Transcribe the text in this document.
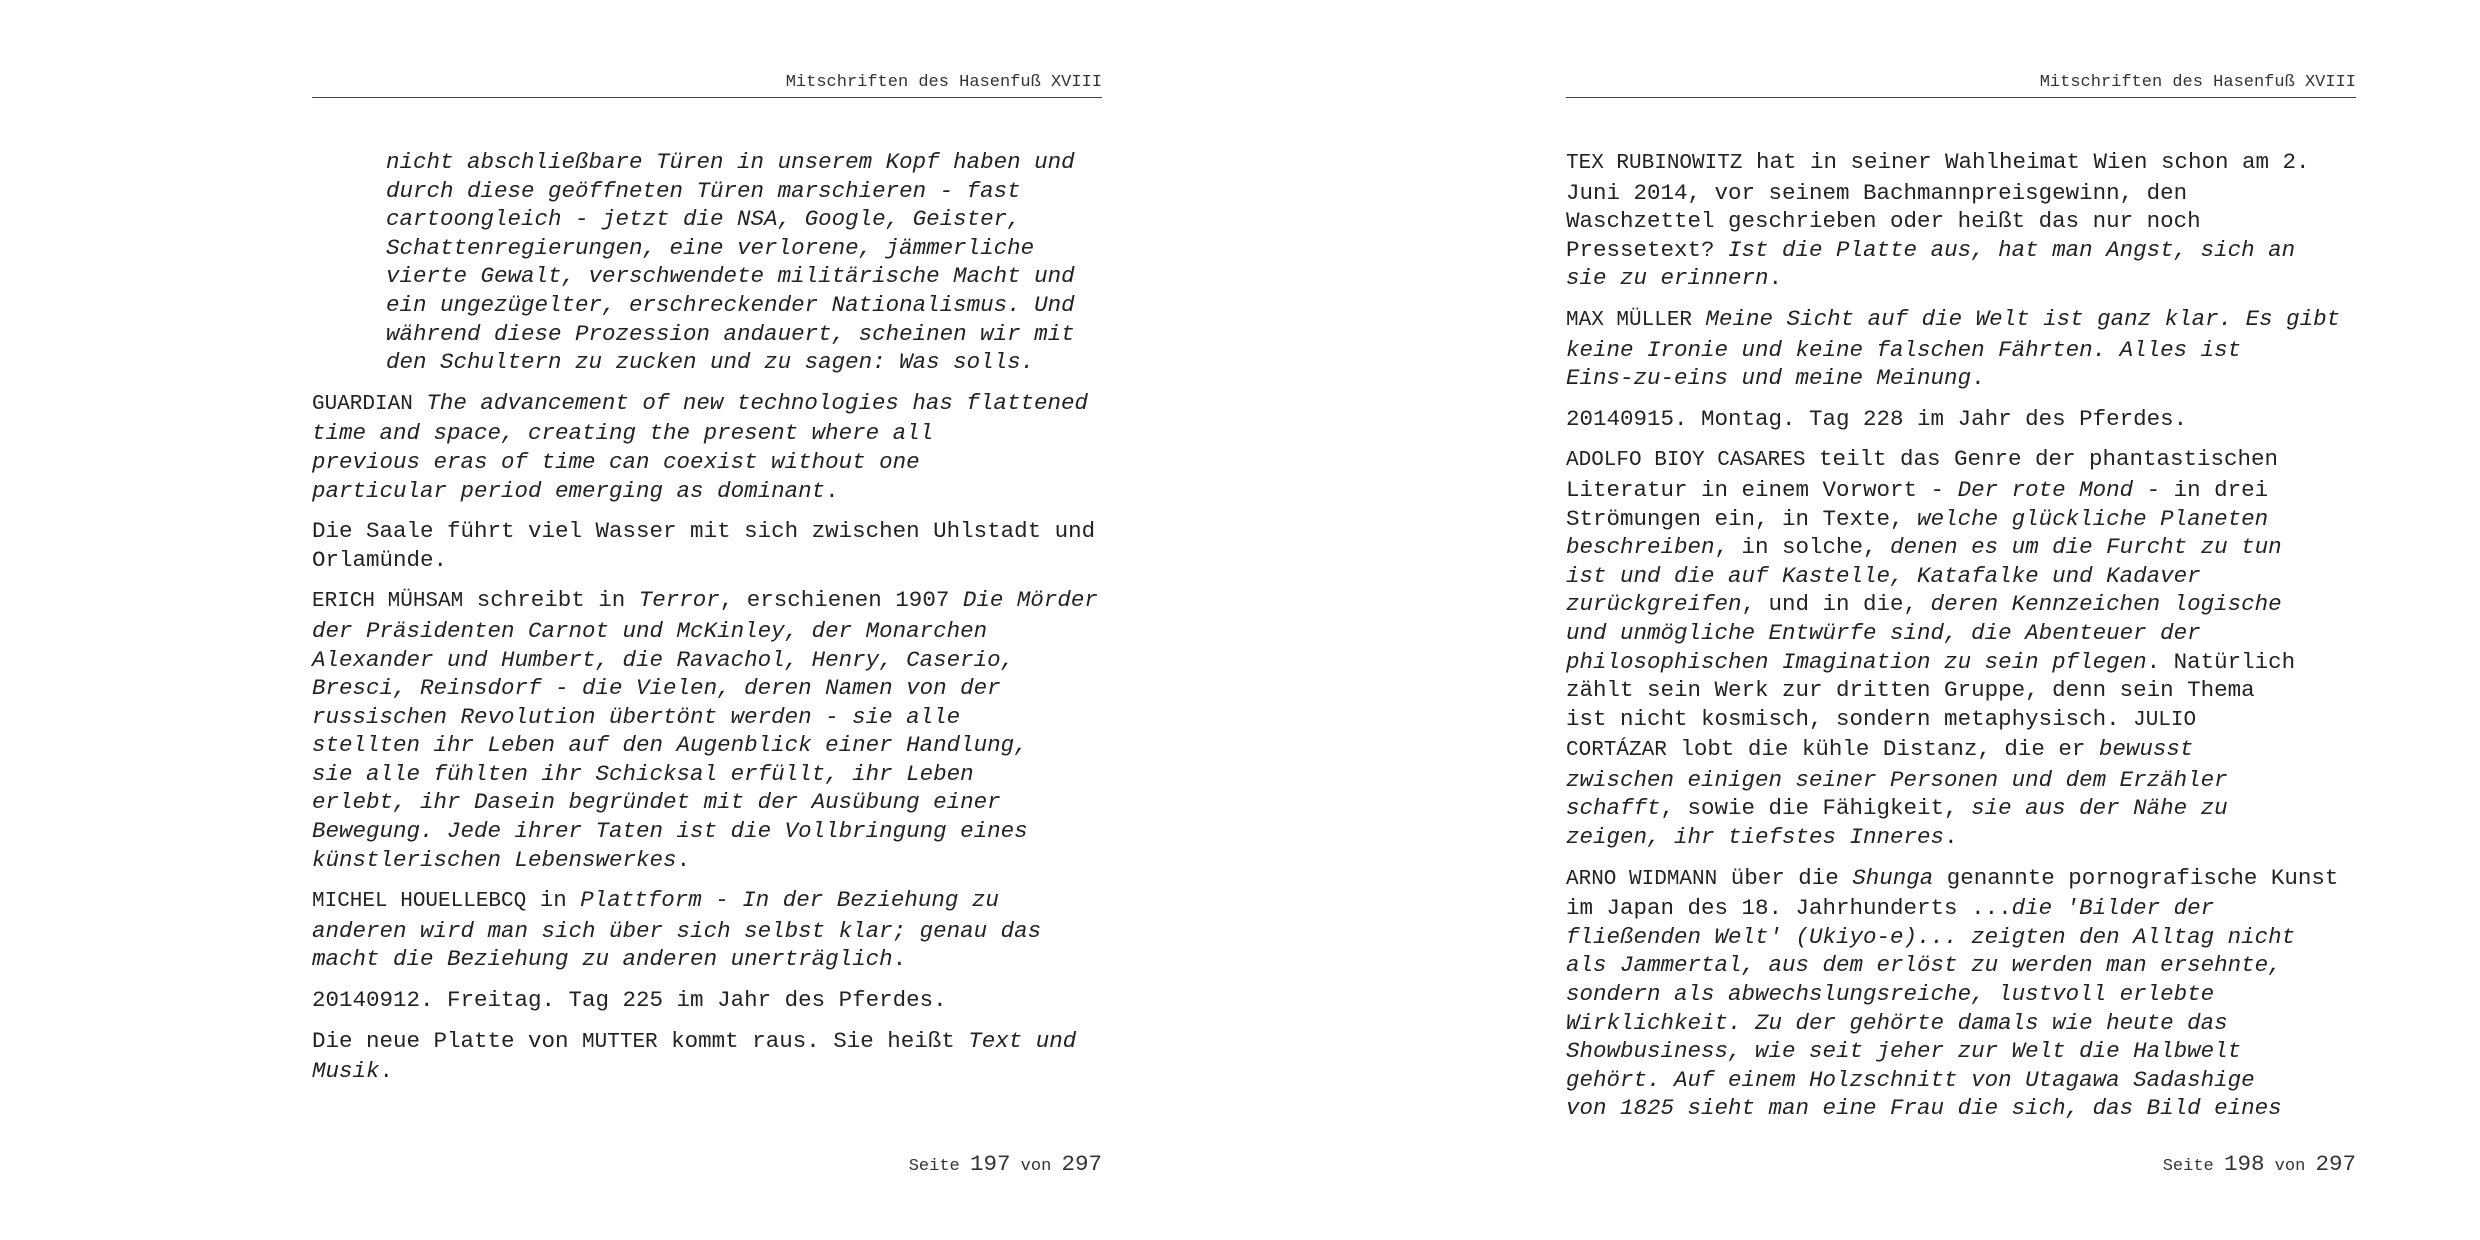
Mitschriften des Hasenfuß XVIII

nicht abschließbare Türen in unserem Kopf haben und
durch diese geöffneten Türen marschieren - fast
cartoongleich - jetzt die NSA, Google, Geister,
Schattenregierungen, eine verlorene, jämmerliche
vierte Gewalt, verschwendete militärische Macht und
ein ungezügelter, erschreckender Nationalismus. Und
während diese Prozession andauert, scheinen wir mit
den Schultern zu zucken und zu sagen: Was solls.

GUARDIAN The advancement of new technologies has flattened
time and space, creating the present where all
previous eras of time can coexist without one
particular period emerging as dominant.

Die Saale führt viel Wasser mit sich zwischen Uhlstadt und
Orlamünde.

ERICH MÜHSAM schreibt in Terror, erschienen 1907 Die Mörder
der Präsidenten Carnot und McKinley, der Monarchen
Alexander und Humbert, die Ravachol, Henry, Caserio,
Bresci, Reinsdorf - die Vielen, deren Namen von der
russischen Revolution übertönt werden - sie alle
stellten ihr Leben auf den Augenblick einer Handlung,
sie alle fühlten ihr Schicksal erfüllt, ihr Leben
erlebt, ihr Dasein begründet mit der Ausübung einer
Bewegung. Jede ihrer Taten ist die Vollbringung eines
künstlerischen Lebenswerkes.

MICHEL HOUELLEBCQ in Plattform - In der Beziehung zu
anderen wird man sich über sich selbst klar; genau das
macht die Beziehung zu anderen unerträglich.

20140912. Freitag. Tag 225 im Jahr des Pferdes.

Die neue Platte von MUTTER kommt raus. Sie heißt Text und
Musik.

Seite 197 von 297
Mitschriften des Hasenfuß XVIII

TEX RUBINOWITZ hat in seiner Wahlheimat Wien schon am 2.
Juni 2014, vor seinem Bachmannpreisgewinn, den
Waschzettel geschrieben oder heißt das nur noch
Pressetext? Ist die Platte aus, hat man Angst, sich an
sie zu erinnern.

MAX MÜLLER Meine Sicht auf die Welt ist ganz klar. Es gibt
keine Ironie und keine falschen Fährten. Alles ist
Eins-zu-eins und meine Meinung.

20140915. Montag. Tag 228 im Jahr des Pferdes.

ADOLFO BIOY CASARES teilt das Genre der phantastischen
Literatur in einem Vorwort - Der rote Mond - in drei
Strömungen ein, in Texte, welche glückliche Planeten
beschreiben, in solche, denen es um die Furcht zu tun
ist und die auf Kastelle, Katafalke und Kadaver
zurückgreifen, und in die, deren Kennzeichen logische
und unmögliche Entwürfe sind, die Abenteuer der
philosophischen Imagination zu sein pflegen. Natürlich
zählt sein Werk zur dritten Gruppe, denn sein Thema
ist nicht kosmisch, sondern metaphysisch. JULIO
CORTÁZAR lobt die kühle Distanz, die er bewusst
zwischen einigen seiner Personen und dem Erzähler
schafft, sowie die Fähigkeit, sie aus der Nähe zu
zeigen, ihr tiefstes Inneres.

ARNO WIDMANN über die Shunga genannte pornografische Kunst
im Japan des 18. Jahrhunderts ...die 'Bilder der
fließenden Welt' (Ukiyo-e)... zeigten den Alltag nicht
als Jammertal, aus dem erlöst zu werden man ersehnte,
sondern als abwechslungsreiche, lustvoll erlebte
Wirklichkeit. Zu der gehörte damals wie heute das
Showbusiness, wie seit jeher zur Welt die Halbwelt
gehört. Auf einem Holzschnitt von Utagawa Sadashige
von 1825 sieht man eine Frau die sich, das Bild eines

Seite 198 von 297
